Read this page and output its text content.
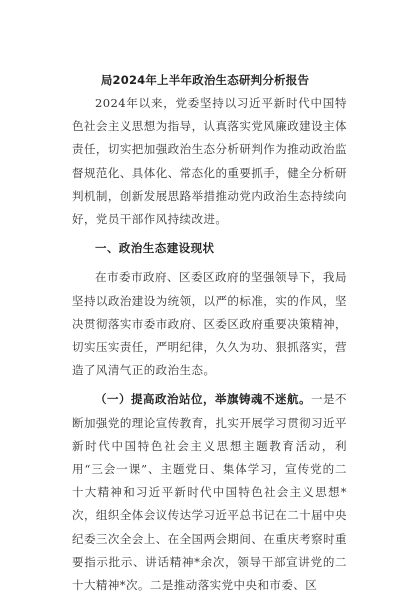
局2024年上半年政治生态研判分析报告

2024年以来，党委坚持以习近平新时代中国特色社会主义思想为指导，认真落实党风廉政建设主体责任，切实把加强政治生态分析研判作为推动政治监督规范化、具体化、常态化的重要抓手，健全分析研判机制，创新发展思路举措推动党内政治生态持续向好，党员干部作风持续改进。

一、政治生态建设现状

在市委市政府、区委区政府的坚强领导下，我局坚持以政治建设为统领，以严的标准，实的作风，坚决贯彻落实市委市政府、区委区政府重要决策精神，切实压实责任，严明纪律，久久为功、狠抓落实，营造了风清气正的政治生态。

（一）提高政治站位，举旗铸魂不迷航。一是不断加强党的理论宣传教育，扎实开展学习贯彻习近平新时代中国特色社会主义思想主题教育活动，利用“三会一课”、主题党日、集体学习，宣传党的二十大精神和习近平新时代中国特色社会主义思想*次，组织全体会议传达学习近平总书记在二十届中央纪委三次全会上、在全国两会期间、在重庆考察时重要指示批示、讲话精神*余次，领导干部宣讲党的二十大精神*次。二是推动落实党中央和市委、区
